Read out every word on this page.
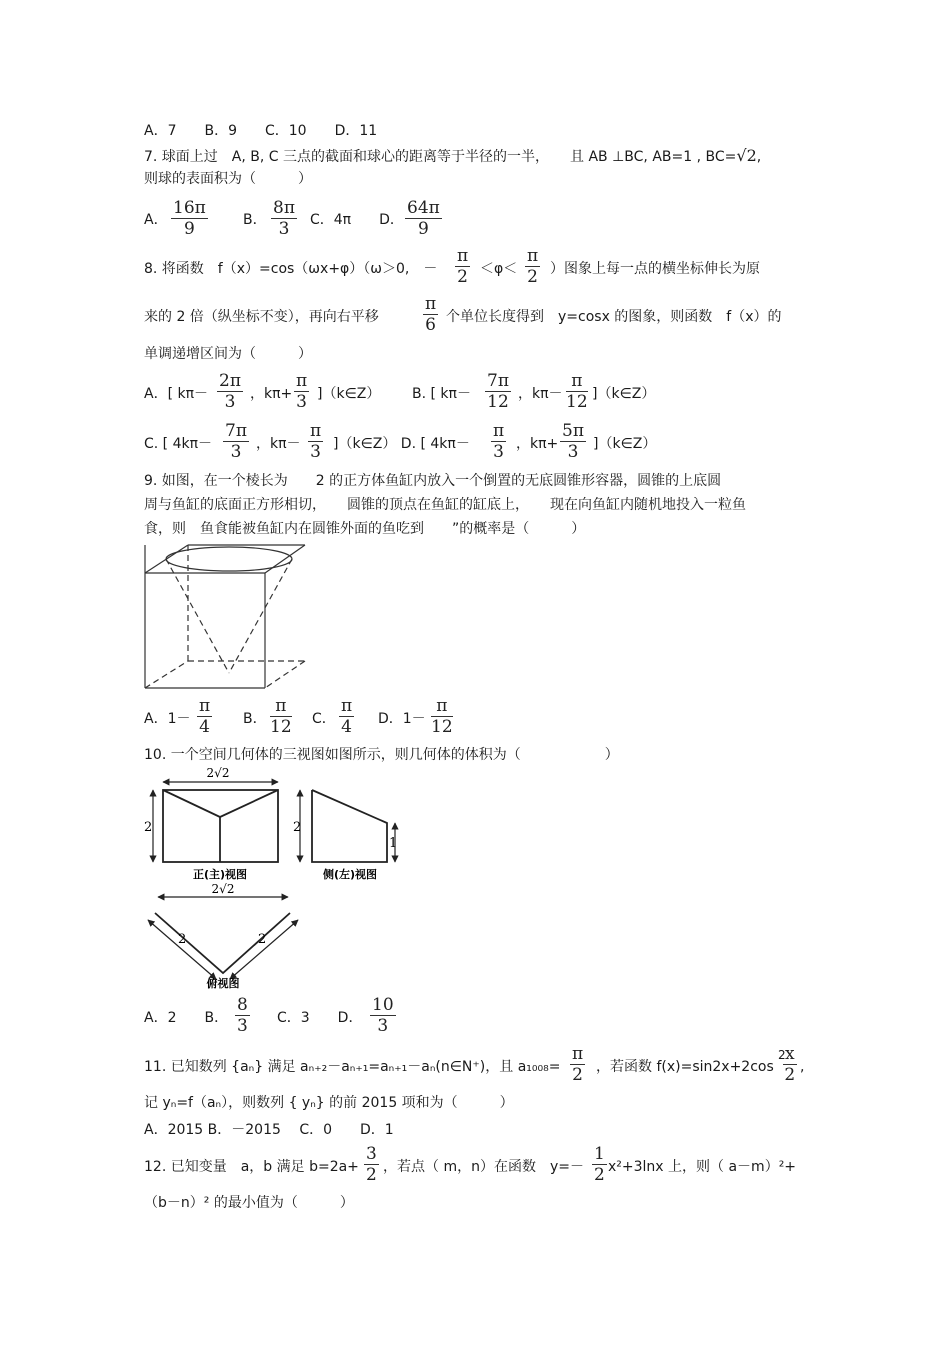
A．7　　B．9　　C．10　　D．11
7. 球面上过　A, B, C 三点的截面和球心的距离等于半径的一半，　　且 AB ⊥BC, AB=1 , BC=√2,
则球的表面积为（　　　）
A． $\frac{16\pi}{9}$	B． $\frac{8\pi}{3}$ C．4π　　D． $\frac{64\pi}{9}$
8. 将函数　f（x）=cos（ωx+φ）（ω＞0,　－ $\frac{\pi}{2} <\varphi< \frac{\pi}{2}$ ）图象上每一点的横坐标伸长为原
来的 2 倍（纵坐标不变），再向右平移	$\frac{\pi}{6}$ 个单位长度得到　y=cosx 的图象，则函数　f（x）的
单调递增区间为（　　　）
A．[ $k\pi- \frac{2\pi}{3}$ ，$k\pi+ \frac{\pi}{3}$ ]（k∈Z） B. [ $k\pi- \frac{7\pi}{12}$ ，$k\pi- \frac{\pi}{12}$ ]（k∈Z）
C. [ $4k\pi- \frac{7\pi}{3}$ ，$k\pi- \frac{\pi}{3}$ ]（k∈Z） D. [ $4k\pi- \frac{\pi}{3}$ ，$k\pi+ \frac{5\pi}{3}$ ]（k∈Z）
9. 如图，在一个棱长为　　2 的正方体鱼缸内放入一个倒置的无底圆锥形容器，圆锥的上底圆
周与鱼缸的底面正方形相切，　　圆锥的顶点在鱼缸的缸底上，　　现在向鱼缸内随机地投入一粒鱼
食，则　鱼食能被鱼缸内在圆锥外面的鱼吃到　　”的概率是（　　　）
A．$1- \frac{\pi}{4}$ B． $\frac{\pi}{12}$ C． $\frac{\pi}{4}$ D．$1- \frac{\pi}{12}$
10. 一个空间几何体的三视图如图所示，则几何体的体积为（　　　　　　）
2√2
2
正(主)视图
2
1
侧(左)视图
2√2
2	2
俯视图
A．2　　B． $\frac{8}{3}$ C．3　　D． $\frac{10}{3}$
11. 已知数列 {aₙ} 满足 aₙ₊₂－aₙ₊₁=aₙ₊₁－aₙ(n∈N⁺)，且 $a_{1008}= \frac{\pi}{2}$ ，若函数 f(x)=sin2x+2cos
2
$\frac{x}{2}$ ,
记 yₙ=f（aₙ），则数列 { yₙ} 的前 2015 项和为（　　　）
A．2015 B．－2015　 C．0　　D．1
12. 已知变量　a，b 满足 $b=2a+ \frac{3}{2}$ ，若点（ m，n）在函数　$y=- \frac{1}{2} x^2+3\ln x$ 上，则（ a－m）²+
（b－n）² 的最小值为（　　　）
